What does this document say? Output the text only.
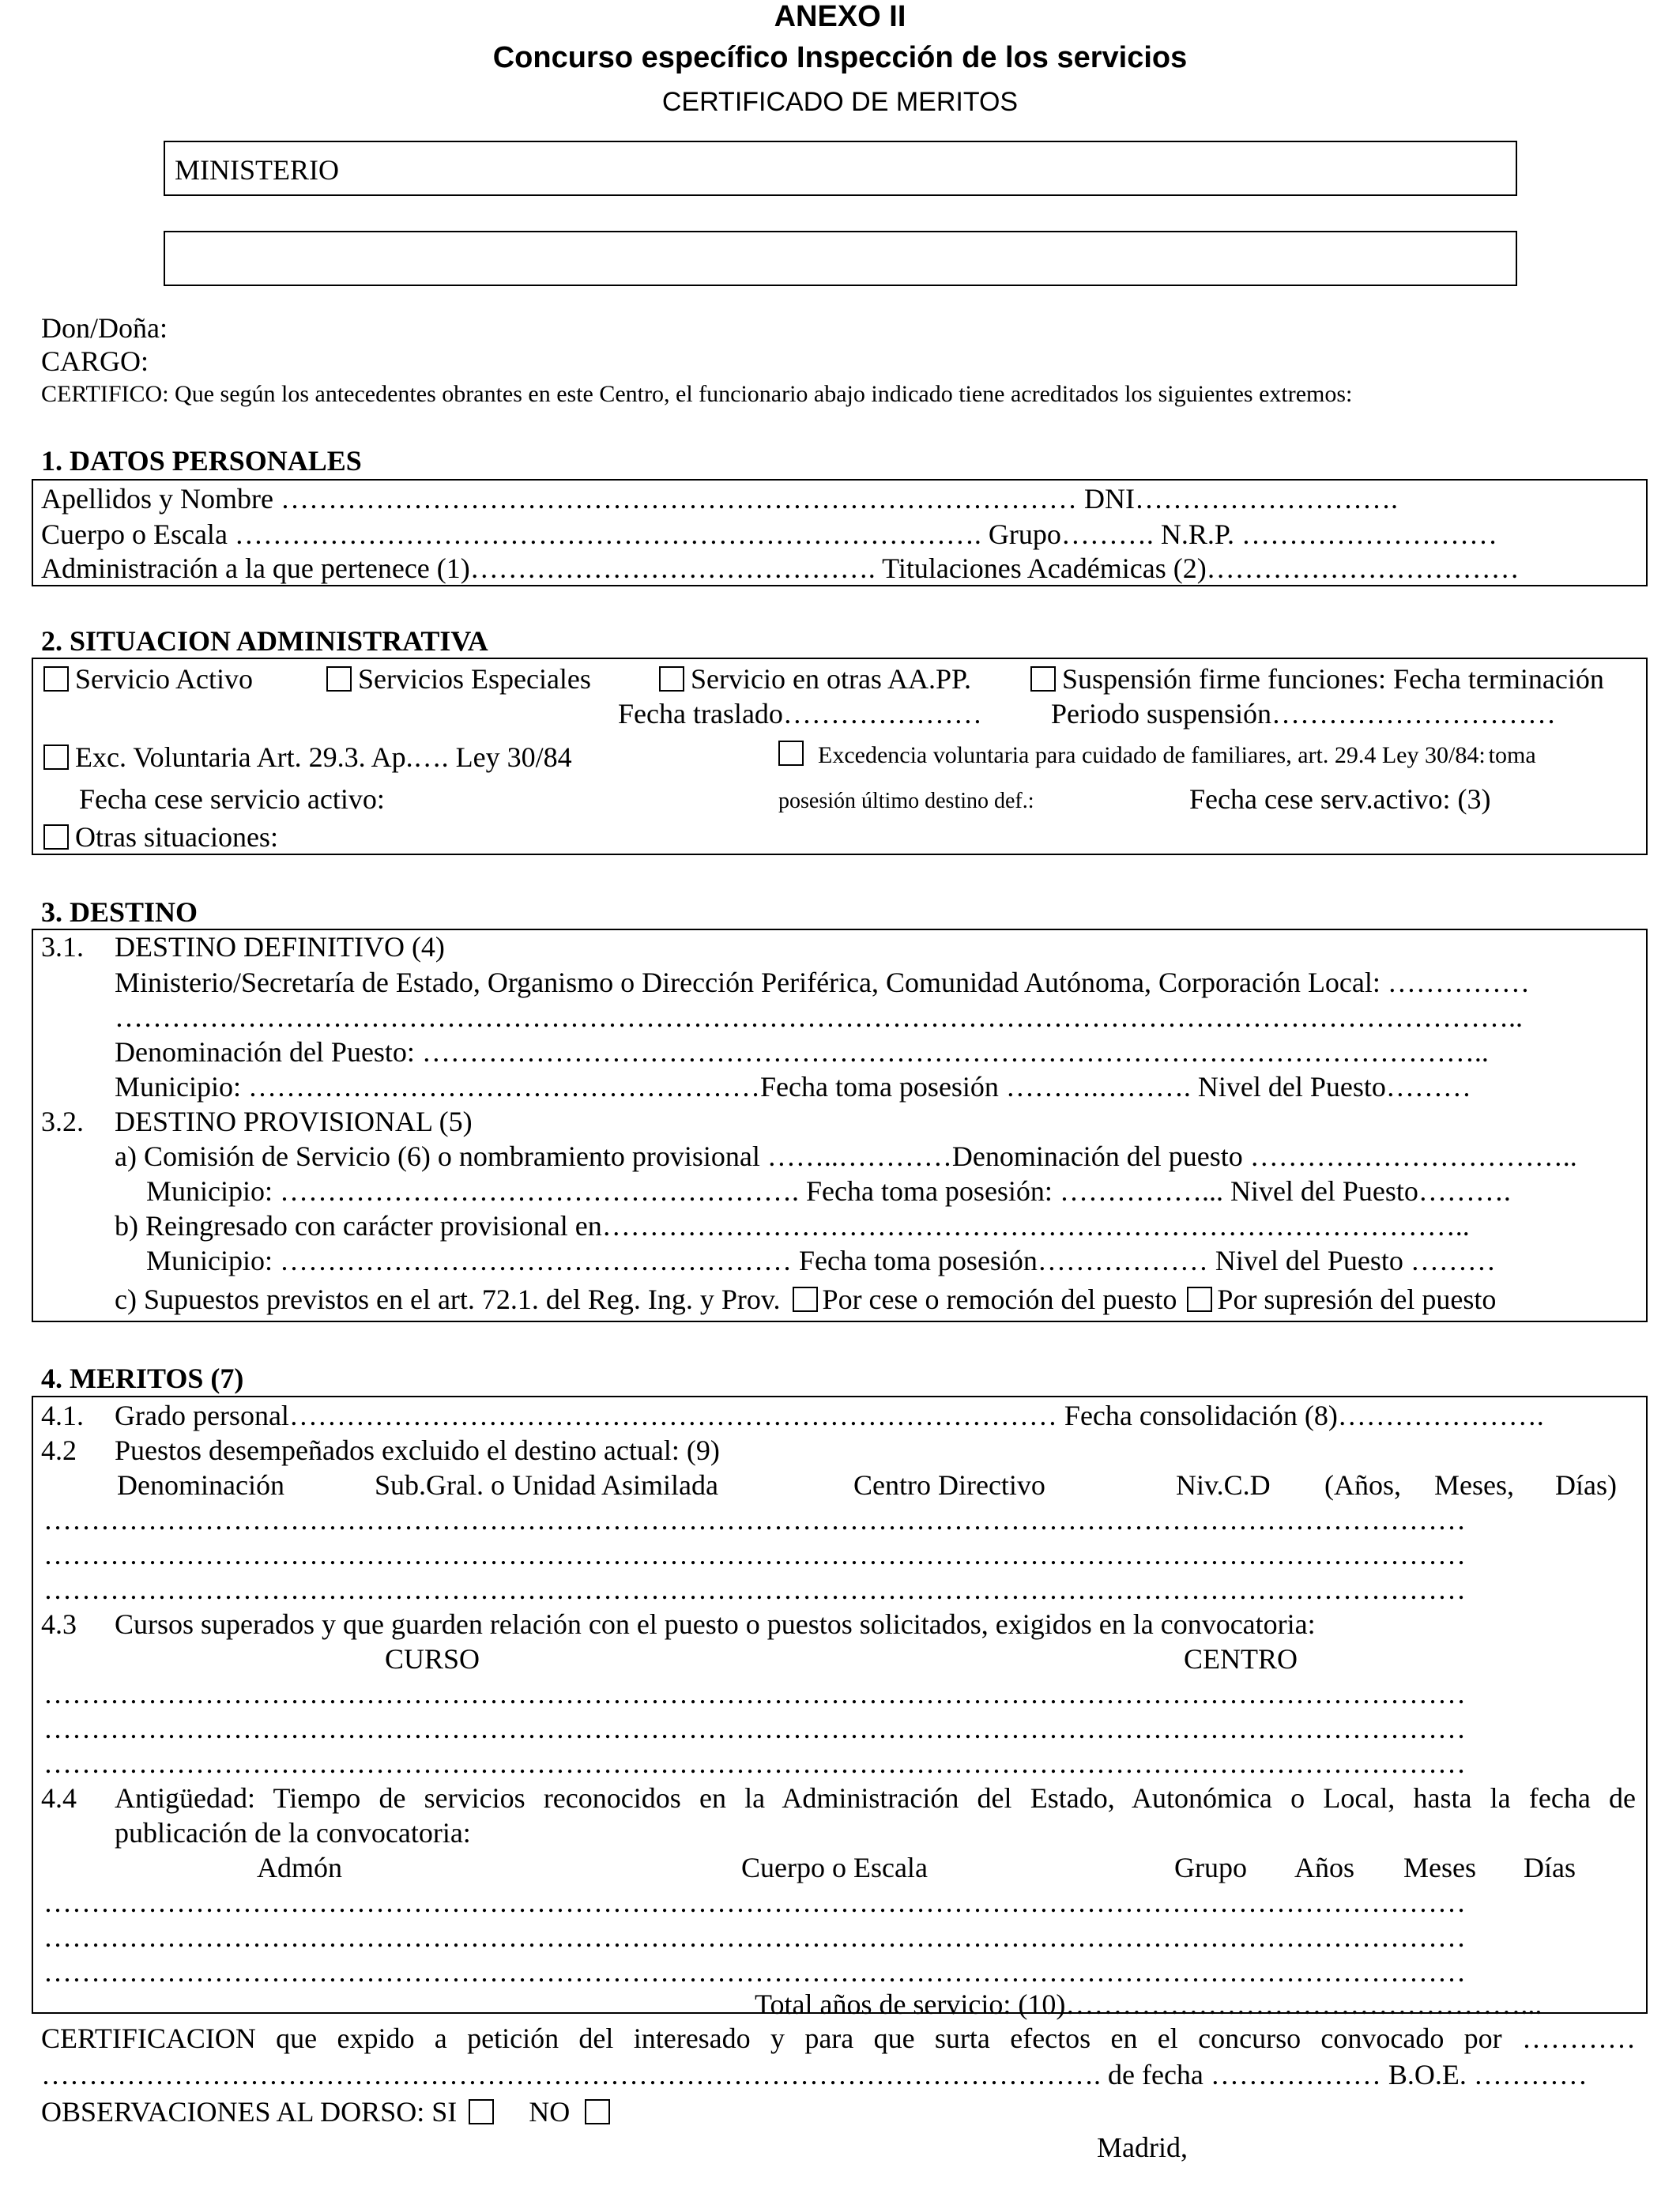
ANEXO II
Concurso específico Inspección de los servicios
CERTIFICADO DE MERITOS
MINISTERIO
Don/Doña:
CARGO:
CERTIFICO: Que según los antecedentes obrantes en este Centro, el funcionario abajo indicado tiene acreditados los siguientes extremos:
1. DATOS PERSONALES
Apellidos y Nombre ………………………………………………………………………… DNI……………………….
Cuerpo o Escala ……………………………………………………………………. Grupo………. N.R.P. ………………………
Administración a la que pertenece (1)……………………………………. Titulaciones Académicas (2)……………………………
2. SITUACION ADMINISTRATIVA
Servicio Activo	Servicios Especiales	Servicio en otras AA.PP.	Suspensión firme funciones: Fecha terminación
Fecha traslado………………… Periodo suspensión…………………………
Exc. Voluntaria Art. 29.3. Ap.…. Ley 30/84	Excedencia voluntaria para cuidado de familiares, art. 29.4 Ley 30/84: toma
Fecha cese servicio activo:	posesión último destino def.:	Fecha cese serv.activo: (3)
Otras situaciones:
3. DESTINO
3.1. DESTINO DEFINITIVO (4)
Ministerio/Secretaría de Estado, Organismo o Dirección Periférica, Comunidad Autónoma, Corporación Local: ……………
…………………………………………………………………………………………………………………………………..
Denominación del Puesto: …………………………………………………………………………………………………..
Municipio: ………………………………………………Fecha toma posesión ……….………. Nivel del Puesto………
3.2. DESTINO PROVISIONAL (5)
a) Comisión de Servicio (6) o nombramiento provisional ……..…………Denominación del puesto ……………………………..
Municipio: ………………………………………………. Fecha toma posesión: ……………... Nivel del Puesto……….
b) Reingresado con carácter provisional en………………………………………………………………………………..
Municipio: ……………………………………………… Fecha toma posesión……………… Nivel del Puesto ………
c) Supuestos previstos en el art. 72.1. del Reg. Ing. y Prov. Por cese o remoción del puesto Por supresión del puesto
4. MERITOS (7)
4.1. Grado personal……………………………………………………………………… Fecha consolidación (8)………………….
4.2 Puestos desempeñados excluido el destino actual: (9)
Denominación	Sub.Gral. o Unidad Asimilada	Centro Directivo	Niv.C.D (Años, Meses, Días)
……………………………………………………………………………………………………………………………………
……………………………………………………………………………………………………………………………………
……………………………………………………………………………………………………………………………………
4.3 Cursos superados y que guarden relación con el puesto o puestos solicitados, exigidos en la convocatoria:
CURSO	CENTRO
……………………………………………………………………………………………………………………………………
……………………………………………………………………………………………………………………………………
……………………………………………………………………………………………………………………………………
4.4 Antigüedad: Tiempo de servicios reconocidos en la Administración del Estado, Autonómica o Local, hasta la fecha de
publicación de la convocatoria:
Admón	Cuerpo o Escala	Grupo Años Meses Días
……………………………………………………………………………………………………………………………………
……………………………………………………………………………………………………………………………………
……………………………………………………………………………………………………………………………………
Total años de servicio: (10)…………………………………………...
CERTIFICACION que expido a petición del interesado y para que surta efectos en el concurso convocado por …………
…………………………………………………………………………………………………. de fecha ……………… B.O.E. …………
OBSERVACIONES AL DORSO: SI	NO
Madrid,
